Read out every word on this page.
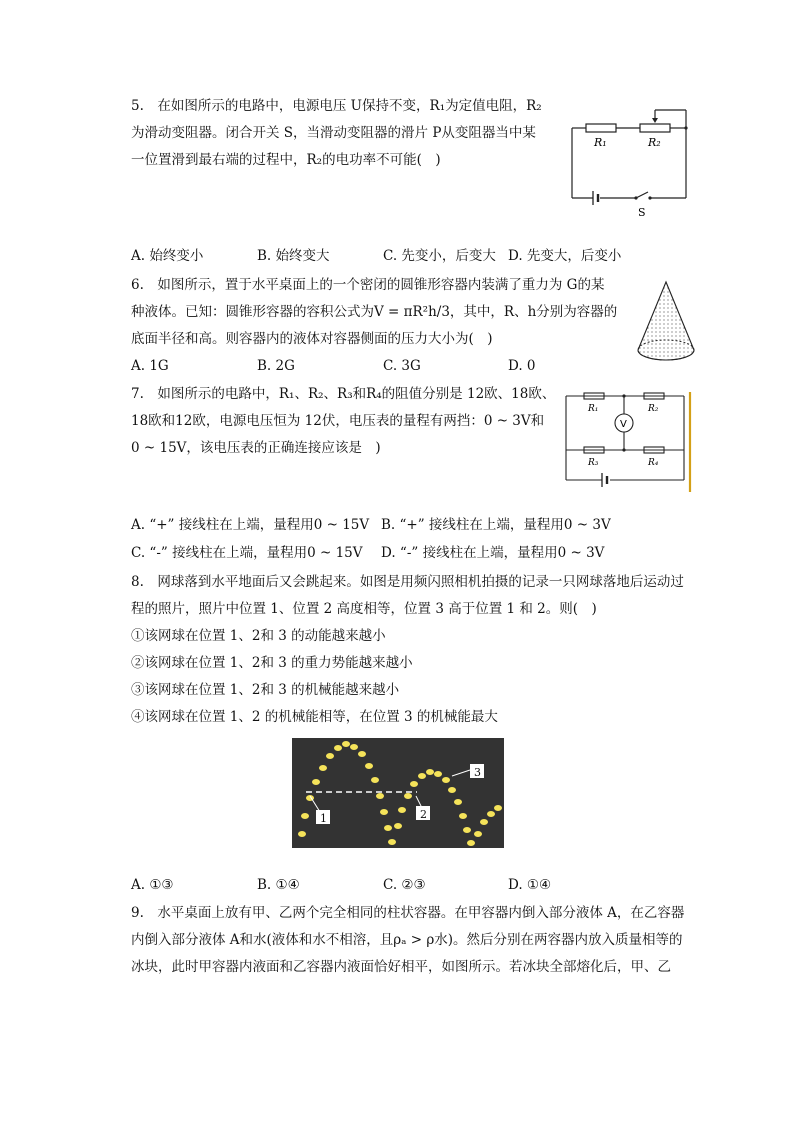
5.　在如图所示的电路中，电源电压 U保持不变，R₁为定值电阻，R₂
为滑动变阻器。闭合开关 S，当滑动变阻器的滑片 P从变阻器当中某
一位置滑到最右端的过程中，R₂的电功率不可能(　)
R₁	R₂
S
A. 始终变小	B. 始终变大	C. 先变小，后变大 D. 先变大，后变小
6.　如图所示，置于水平桌面上的一个密闭的圆锥形容器内装满了重力为 G的某
种液体。已知：圆锥形容器的容积公式为V = πR²h/3，其中，R、h分别为容器的
底面半径和高。则容器内的液体对容器侧面的压力大小为(　)
A. 1G	B. 2G	C. 3G	D. 0
7.　如图所示的电路中，R₁、R₂、R₃和R₄的阻值分别是 12欧、18欧、
18欧和12欧，电源电压恒为 12伏，电压表的量程有两挡：0 ~ 3V和
0 ~ 15V，该电压表的正确连接应该是　)
R₁	R₂
R₃	R₄
V
A. “+” 接线柱在上端，量程用0 ~ 15V B. “+” 接线柱在上端，量程用0 ~ 3V
C. “-” 接线柱在上端，量程用0 ~ 15V D. “-” 接线柱在上端，量程用0 ~ 3V
8.　网球落到水平地面后又会跳起来。如图是用频闪照相机拍摄的记录一只网球落地后运动过
程的照片，照片中位置 1、位置 2 高度相等，位置 3 高于位置 1 和 2。则(　)
①该网球在位置 1、2和 3 的动能越来越小
②该网球在位置 1、2和 3 的重力势能越来越小
③该网球在位置 1、2和 3 的机械能越来越小
④该网球在位置 1、2 的机械能相等，在位置 3 的机械能最大
1	2
3
A. ①③	B. ①④	C. ②③	D. ①④
9.　水平桌面上放有甲、乙两个完全相同的柱状容器。在甲容器内倒入部分液体 A，在乙容器
内倒入部分液体 A和水(液体和水不相溶，且ρₐ > ρ水)。然后分别在两容器内放入质量相等的
冰块，此时甲容器内液面和乙容器内液面恰好相平，如图所示。若冰块全部熔化后，甲、乙
